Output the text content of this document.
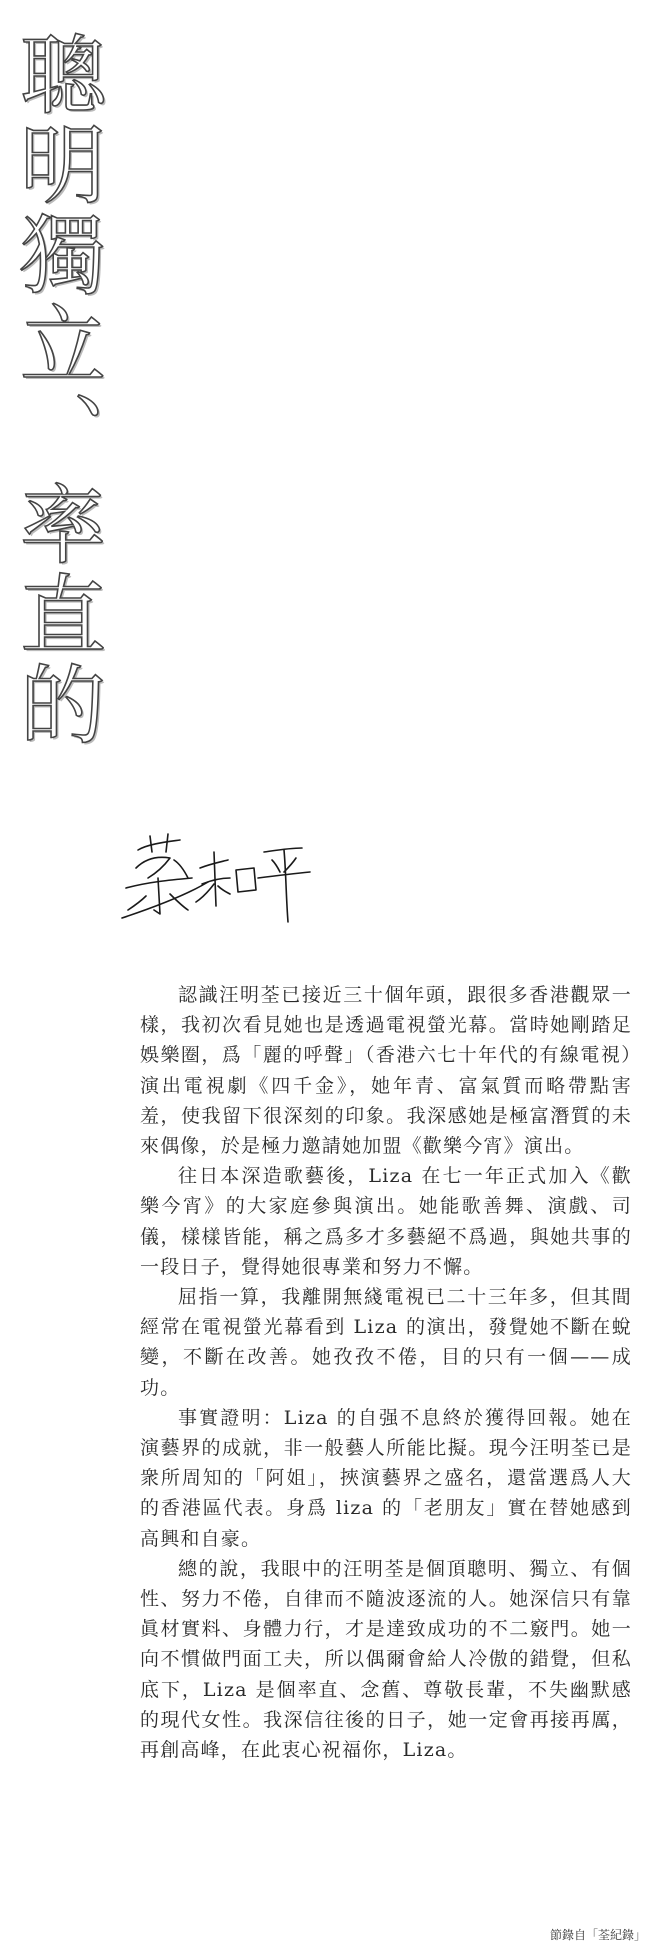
聰明獨立、率直的

認識汪明荃已接近三十個年頭，跟很多香港觀眾一樣，我初次看見她也是透過電視螢光幕。當時她剛踏足娛樂圈，爲「麗的呼聲」（香港六七十年代的有線電視）演出電視劇《四千金》，她年青、富氣質而略帶點害羞，使我留下很深刻的印象。我深感她是極富潛質的未來偶像，於是極力邀請她加盟《歡樂今宵》演出。

往日本深造歌藝後，Liza 在七一年正式加入《歡樂今宵》的大家庭參與演出。她能歌善舞、演戲、司儀，樣樣皆能，稱之爲多才多藝絕不爲過，與她共事的一段日子，覺得她很專業和努力不懈。

屈指一算，我離開無綫電視已二十三年多，但其間經常在電視螢光幕看到 Liza 的演出，發覺她不斷在蛻變，不斷在改善。她孜孜不倦，目的只有一個——成功。

事實證明：Liza 的自强不息終於獲得回報。她在演藝界的成就，非一般藝人所能比擬。現今汪明荃已是衆所周知的「阿姐」，挾演藝界之盛名，還當選爲人大的香港區代表。身爲 liza 的「老朋友」實在替她感到高興和自豪。

總的說，我眼中的汪明荃是個頂聰明、獨立、有個性、努力不倦，自律而不隨波逐流的人。她深信只有靠眞材實料、身體力行，才是達致成功的不二竅門。她一向不慣做門面工夫，所以偶爾會給人冷傲的錯覺，但私底下，Liza 是個率直、念舊、尊敬長輩，不失幽默感的現代女性。我深信往後的日子，她一定會再接再厲，再創高峰，在此衷心祝福你，Liza。

節錄自「荃紀錄」
